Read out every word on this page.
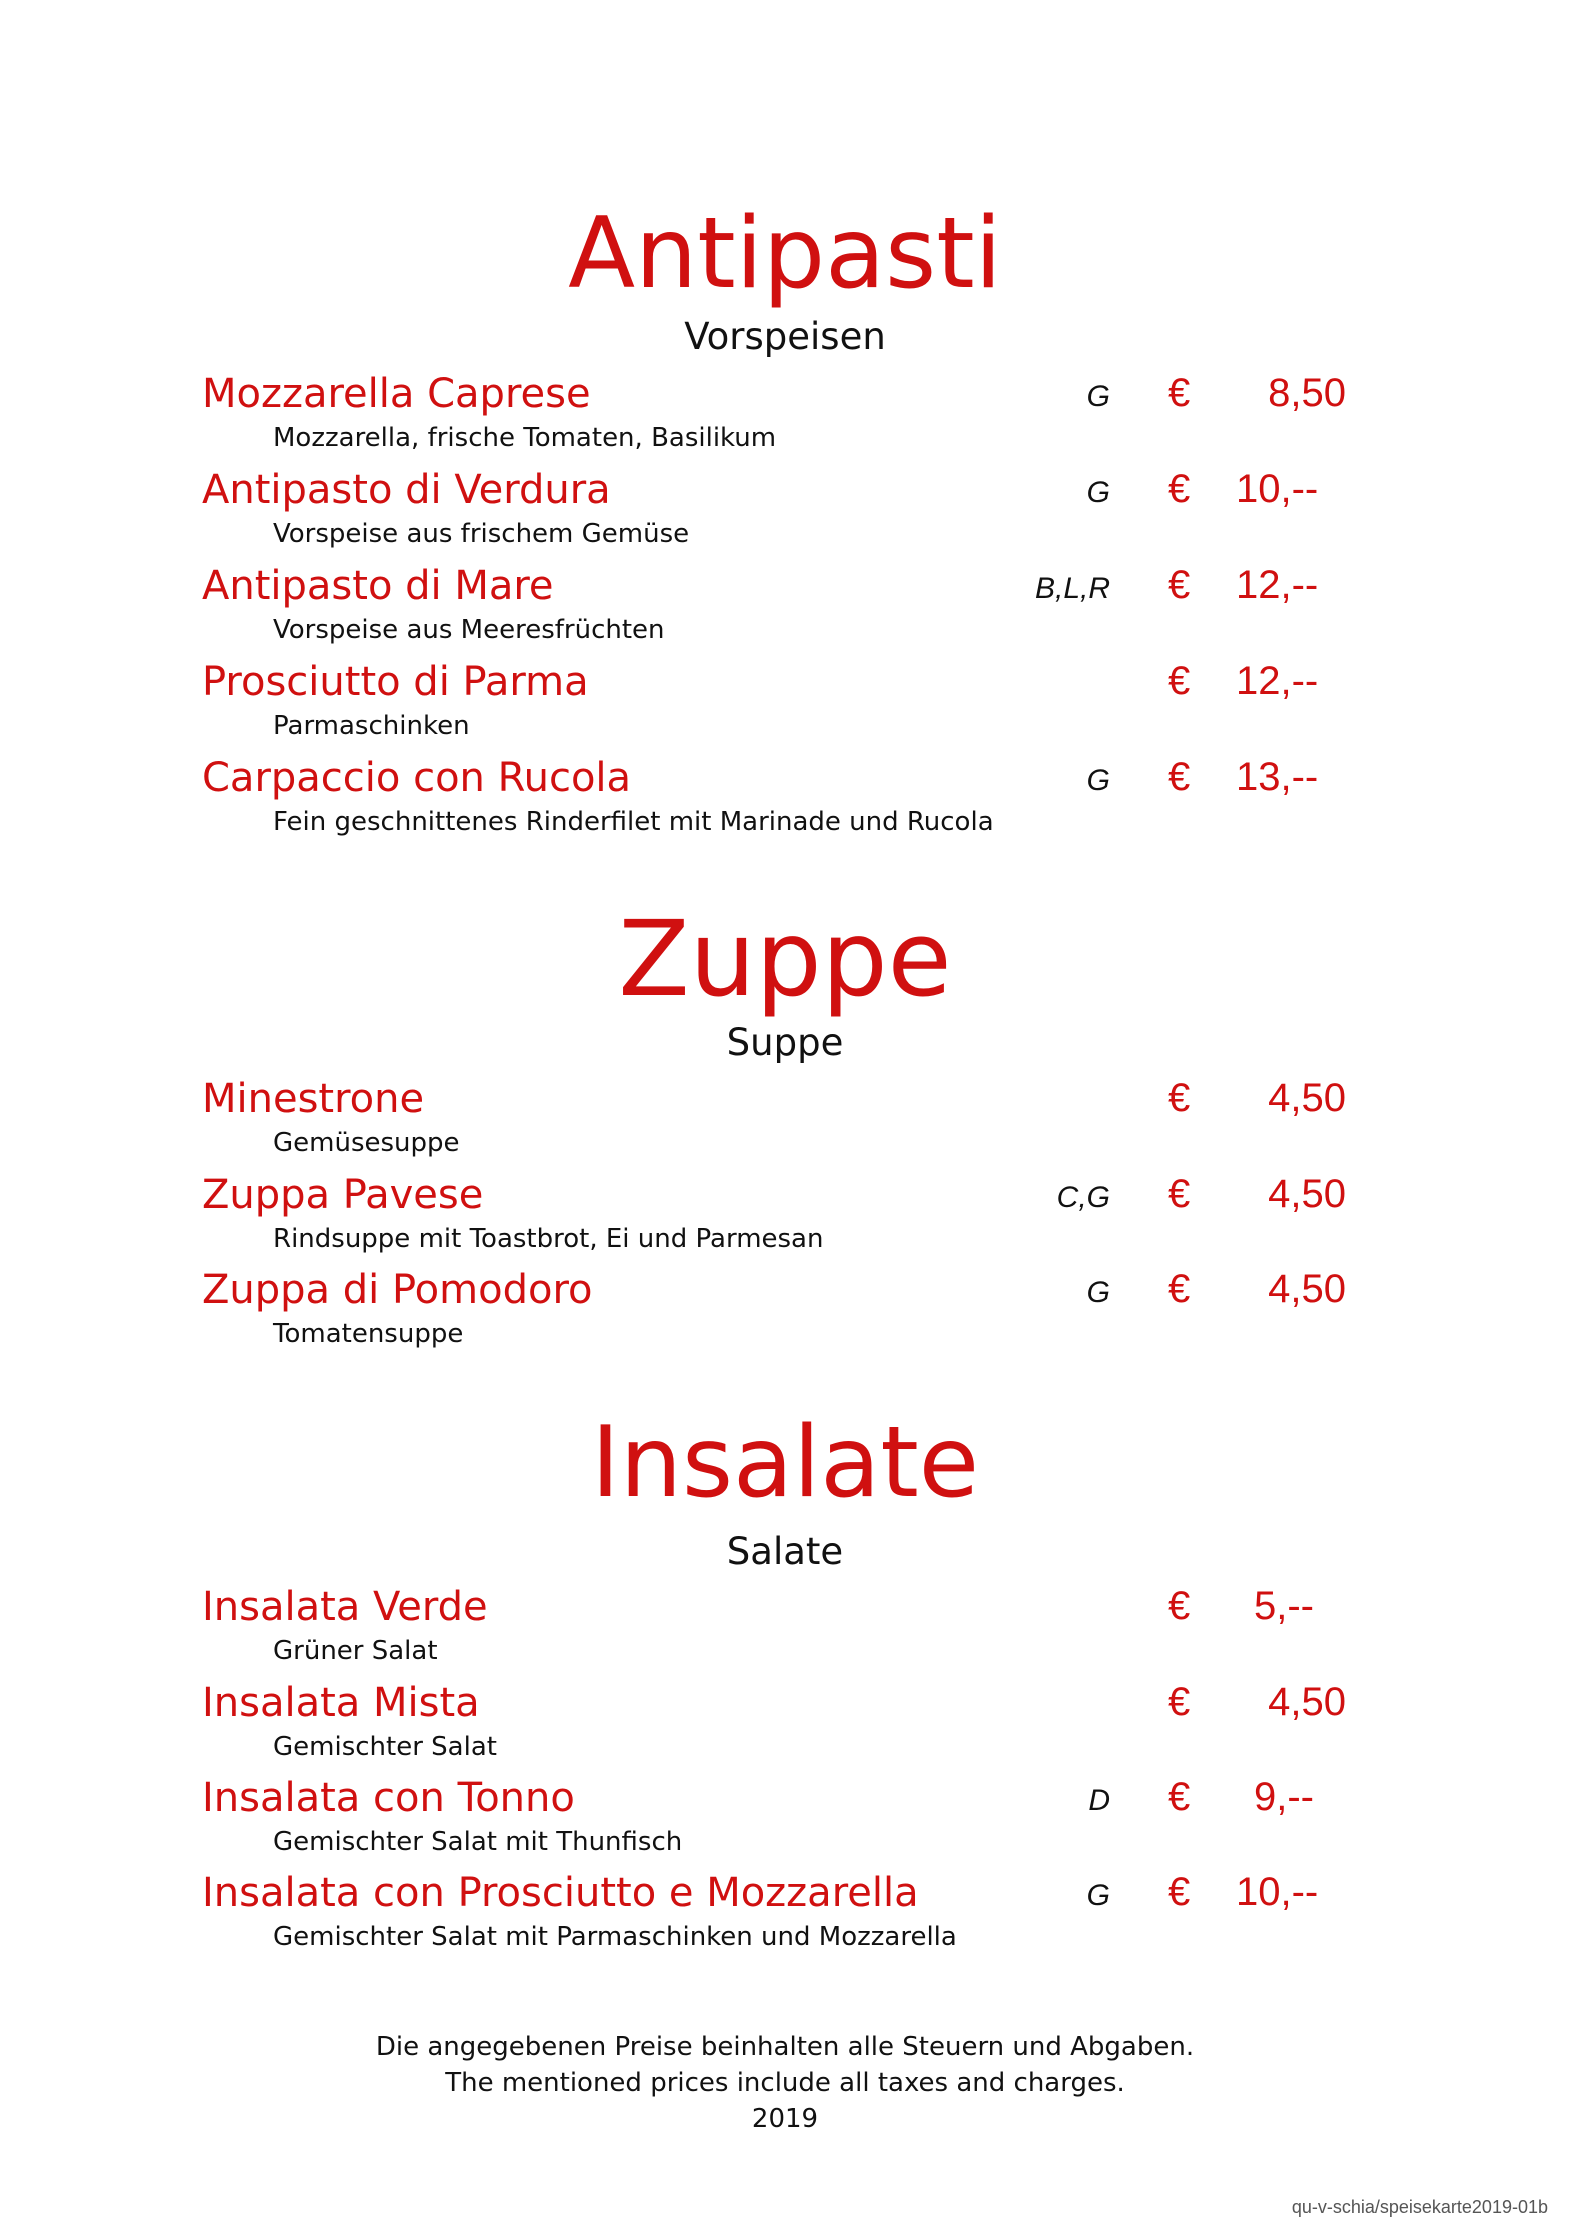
Antipasti
Vorspeisen
Mozzarella Caprese
Mozzarella, frische Tomaten, Basilikum
G €	8,50
Antipasto di Verdura
Vorspeise aus frischem Gemüse
G € 10,--
Antipasto di Mare
Vorspeise aus Meeresfrüchten
B,L,R € 12,--
Prosciutto di Parma
Parmaschinken
€ 12,--
Carpaccio con Rucola
Fein geschnittenes Rinderfilet mit Marinade und Rucola
G € 13,--
Zuppe
Suppe
Minestrone
Gemüsesuppe
€	4,50
Zuppa Pavese
Rindsuppe mit Toastbrot, Ei und Parmesan
C,G €	4,50
Zuppa di Pomodoro
Tomatensuppe
G €	4,50
Insalate
Salate
Insalata Verde
Grüner Salat
€ 5,--
Insalata Mista
Gemischter Salat
€	4,50
Insalata con Tonno
Gemischter Salat mit Thunfisch
D € 9,--
Insalata con Prosciutto e Mozzarella
Gemischter Salat mit Parmaschinken und Mozzarella
G € 10,--
Die angegebenen Preise beinhalten alle Steuern und Abgaben.
The mentioned prices include all taxes and charges.
2019
qu-v-schia/speisekarte2019-01b
